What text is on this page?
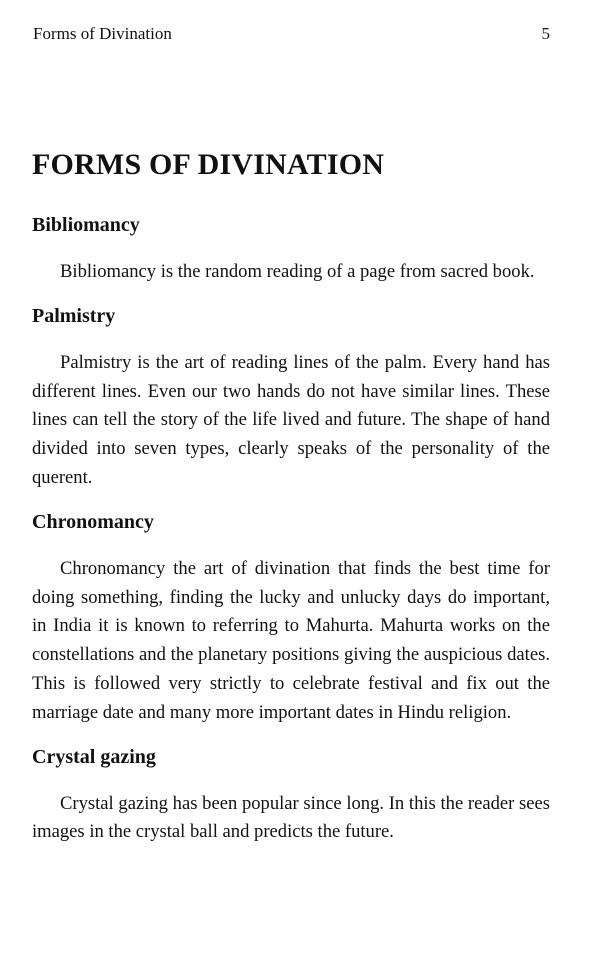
Forms of Divination	5
FORMS OF DIVINATION
Bibliomancy

Bibliomancy is the random reading of a page from sacred book.

Palmistry

Palmistry is the art of reading lines of the palm. Every hand has different lines. Even our two hands do not have similar lines. These lines can tell the story of the life lived and future. The shape of hand divided into seven types, clearly speaks of the personality of the querent.

Chronomancy

Chronomancy the art of divination that finds the best time for doing something, finding the lucky and unlucky days do important, in India it is known to referring to Mahurta. Mahurta works on the constellations and the planetary positions giving the auspicious dates. This is followed very strictly to celebrate festival and fix out the marriage date and many more important dates in Hindu religion.

Crystal gazing

Crystal gazing has been popular since long. In this the reader sees images in the crystal ball and predicts the future.
